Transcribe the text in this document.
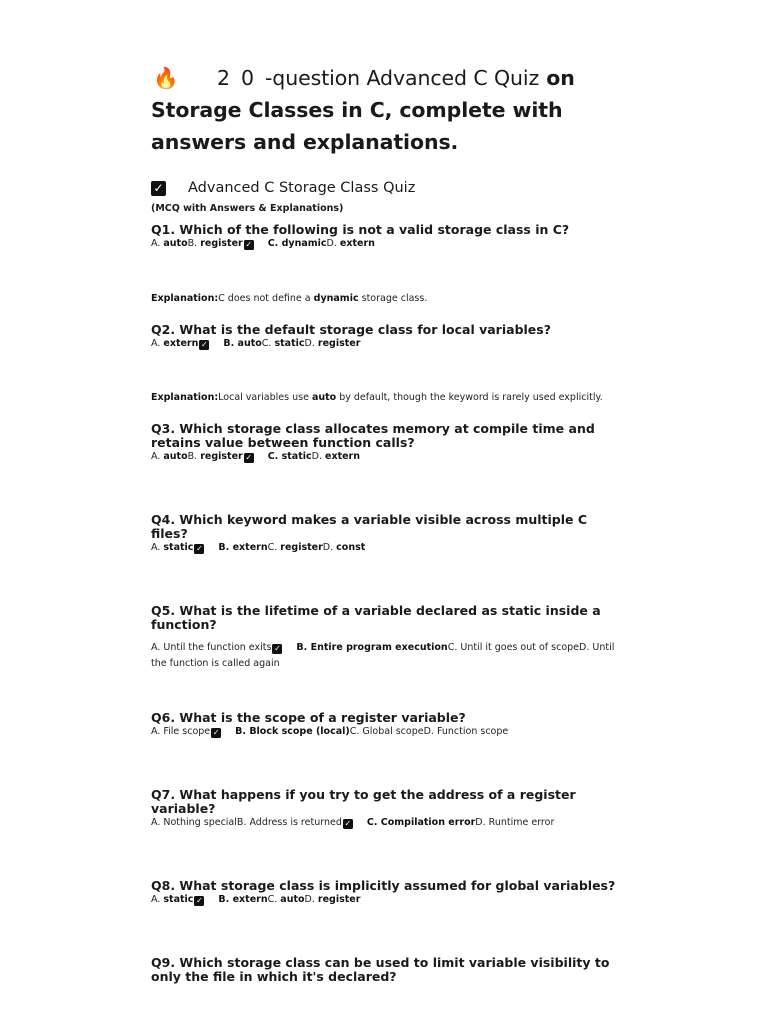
🔥 2 0 -question Advanced C Quiz on
Storage Classes in C, complete with
answers and explanations.
✓ Advanced C Storage Class Quiz
(MCQ with Answers & Explanations)

Q1. Which of the following is not a valid storage class in C?

A. autoB. register ✓ C. dynamicD. extern
Explanation:C does not define a dynamic storage class.

Q2. What is the default storage class for local variables?

A. extern ✓ B. autoC. staticD. register
Explanation:Local variables use auto by default, though the keyword is rarely used explicitly.

Q3. Which storage class allocates memory at compile time and retains value between function calls?

A. autoB. register ✓ C. staticD. extern

Q4. Which keyword makes a variable visible across multiple C files?

A. static ✓ B. externC. registerD. const

Q5. What is the lifetime of a variable declared as static inside a function?

A. Until the function exits ✓ B. Entire program executionC. Until it goes out of scopeD. Until the function is called again

Q6. What is the scope of a register variable?

A. File scope ✓ B. Block scope (local)C. Global scopeD. Function scope

Q7. What happens if you try to get the address of a register variable?

A. Nothing specialB. Address is returned ✓ C. Compilation errorD. Runtime error

Q8. What storage class is implicitly assumed for global variables?

A. static ✓ B. externC. autoD. register

Q9. Which storage class can be used to limit variable visibility to only the file in which it's declared?
